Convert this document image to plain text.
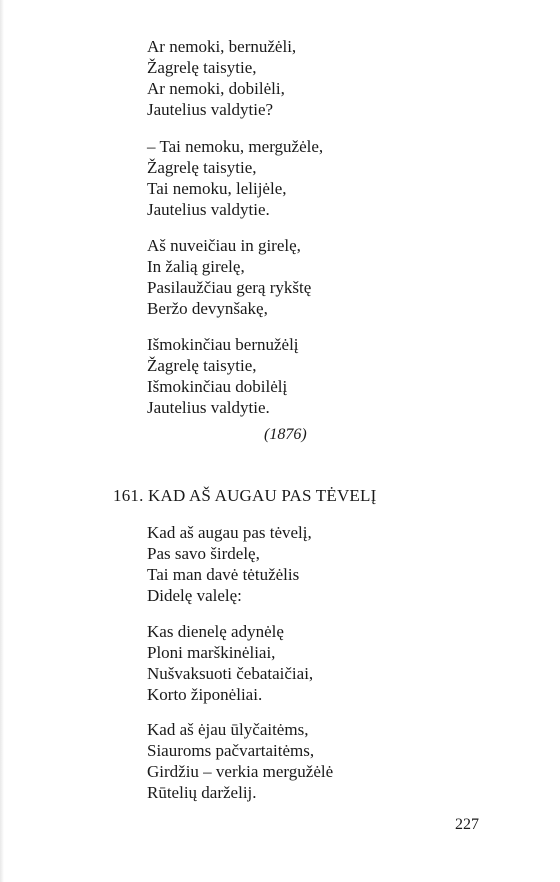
Ar nemoki, bernužėli,
Žagrelę taisytie,
Ar nemoki, dobilėli,
Jautelius valdytie?

– Tai nemoku, mergužėle,
Žagrelę taisytie,
Tai nemoku, lelijėle,
Jautelius valdytie.

Aš nuveičiau in girelę,
In žalią girelę,
Pasilaužčiau gerą rykštę
Beržo devynšakę,

Išmokinčiau bernužėlį
Žagrelę taisytie,
Išmokinčiau dobilėlį
Jautelius valdytie.

(1876)
161. KAD AŠ AUGAU PAS TĖVELĮ

Kad aš augau pas tėvelį,
Pas savo širdelę,
Tai man davė tėtužėlis
Didelę valelę:

Kas dienelę adynėlę
Ploni marškinėliai,
Nušvaksuoti čebataičiai,
Korto žiponėliai.

Kad aš ėjau ūlyčaitėms,
Siauroms pačvartaitėms,
Girdžiu – verkia mergužėlė
Rūtelių darželij.

227
